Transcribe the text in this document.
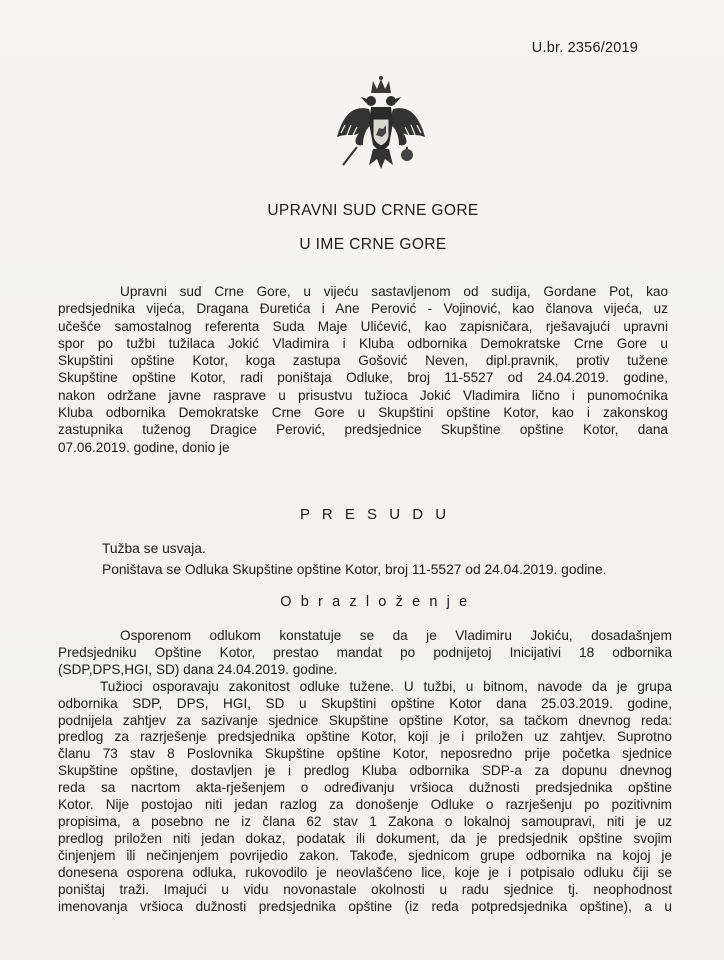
U.br. 2356/2019
UPRAVNI SUD CRNE GORE
U IME CRNE GORE
Upravni sud Crne Gore, u vijeću sastavljenom od sudija, Gordane Pot, kao
predsjednika vijeća, Dragana Đuretića i Ane Perović - Vojinović, kao članova vijeća, uz
učešće samostalnog referenta Suda Maje Ulićević, kao zapisničara, rješavajući upravni
spor po tužbi tužilaca Jokić Vladimira i Kluba odbornika Demokratske Crne Gore u
Skupštini opštine Kotor, koga zastupa Gošović Neven, dipl.pravnik, protiv tužene
Skupštine opštine Kotor, radi poništaja Odluke, broj 11-5527 od 24.04.2019. godine,
nakon održane javne rasprave u prisustvu tužioca Jokić Vladimira lično i punomoćnika
Kluba odbornika Demokratske Crne Gore u Skupštini opštine Kotor, kao i zakonskog
zastupnika tuženog Dragice Perović, predsjednice Skupštine opštine Kotor, dana
07.06.2019. godine, donio je
P R E S U D U
Tužba se usvaja.
Poništava se Odluka Skupštine opštine Kotor, broj 11-5527 od 24.04.2019. godine.
O b r a z l o ž e n j e
Osporenom odlukom konstatuje se da je Vladimiru Jokiću, dosadašnjem
Predsjedniku Opštine Kotor, prestao mandat po podnijetoj Inicijativi 18 odbornika
(SDP,DPS,HGI, SD) dana 24.04.2019. godine.
Tužioci osporavaju zakonitost odluke tužene. U tužbi, u bitnom, navode da je grupa
odbornika SDP, DPS, HGI, SD u Skupštini opštine Kotor dana 25.03.2019. godine,
podnijela zahtjev za sazivanje sjednice Skupštine opštine Kotor, sa tačkom dnevnog reda:
predlog za razrješenje predsjednika opštine Kotor, koji je i priložen uz zahtjev. Suprotno
članu 73 stav 8 Poslovnika Skupštine opštine Kotor, neposredno prije početka sjednice
Skupštine opštine, dostavljen je i predlog Kluba odbornika SDP-a za dopunu dnevnog
reda sa nacrtom akta-rješenjem o određivanju vršioca dužnosti predsjednika opštine
Kotor. Nije postojao niti jedan razlog za donošenje Odluke o razrješenju po pozitivnim
propisima, a posebno ne iz člana 62 stav 1 Zakona o lokalnoj samoupravi, niti je uz
predlog priložen niti jedan dokaz, podatak ili dokument, da je predsjednik opštine svojim
činjenjem ili nečinjenjem povrijedio zakon. Takođe, sjednicom grupe odbornika na kojoj je
donesena osporena odluka, rukovodilo je neovlašćeno lice, koje je i potpisalo odluku čiji se
poništaj traži. Imajući u vidu novonastale okolnosti u radu sjednice tj. neophodnost
imenovanja vršioca dužnosti predsjednika opštine (iz reda potpredsjednika opštine), a u
